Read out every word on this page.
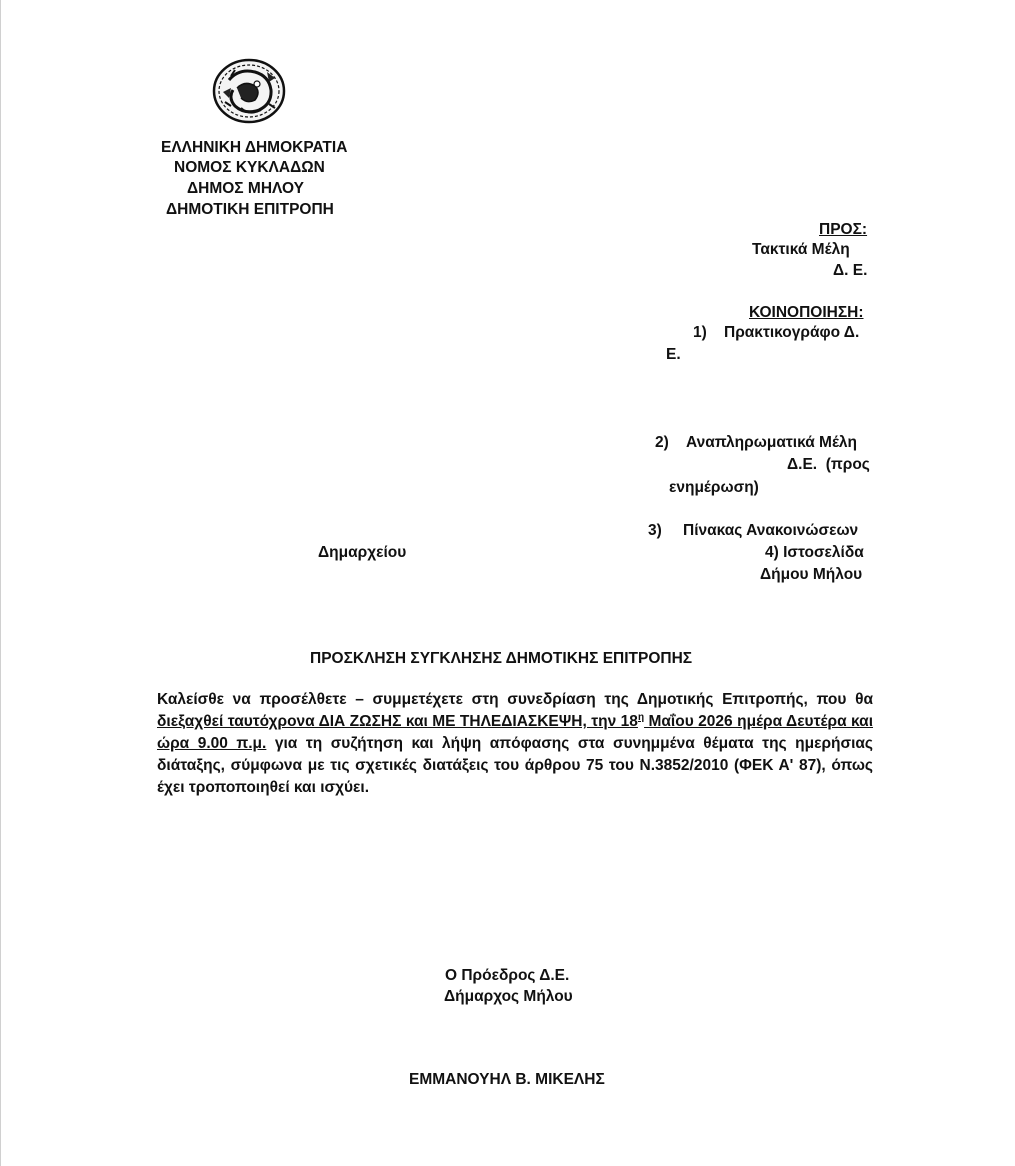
ΕΛΛΗΝΙΚΗ ΔΗΜΟΚΡΑΤΙΑ
ΝΟΜΟΣ ΚΥΚΛΑΔΩΝ
ΔΗΜΟΣ ΜΗΛΟΥ
ΔΗΜΟΤΙΚΗ ΕΠΙΤΡΟΠΗ
ΠΡΟΣ:
Τακτικά Μέλη
Δ. Ε.
ΚΟΙΝΟΠΟΙΗΣΗ:
1) Πρακτικογράφο Δ.
Ε.
2) Αναπληρωματικά Μέλη
Δ.Ε.  (προς
ενημέρωση)
3) Πίνακας Ανακοινώσεων
Δημαρχείου	4) Ιστοσελίδα
Δήμου Μήλου
ΠΡΟΣΚΛΗΣΗ ΣΥΓΚΛΗΣΗΣ ΔΗΜΟΤΙΚΗΣ ΕΠΙΤΡΟΠΗΣ
Καλείσθε να προσέλθετε – συμμετέχετε στη συνεδρίαση της Δημοτικής Επιτροπής, που θα διεξαχθεί ταυτόχρονα ΔΙΑ ΖΩΣΗΣ και ΜΕ ΤΗΛΕΔΙΑΣΚΕΨΗ, την $18^\eta$ Μαΐου 2026 ημέρα Δευτέρα και ώρα 9.00 π.μ. για τη συζήτηση και λήψη απόφασης στα συνημμένα θέματα της ημερήσιας διάταξης, σύμφωνα με τις σχετικές διατάξεις του άρθρου 75 του Ν.3852/2010 (ΦΕΚ Α' 87), όπως έχει τροποποιηθεί και ισχύει.
Ο Πρόεδρος Δ.Ε.
Δήμαρχος Μήλου
ΕΜΜΑΝΟΥΗΛ Β. ΜΙΚΕΛΗΣ
